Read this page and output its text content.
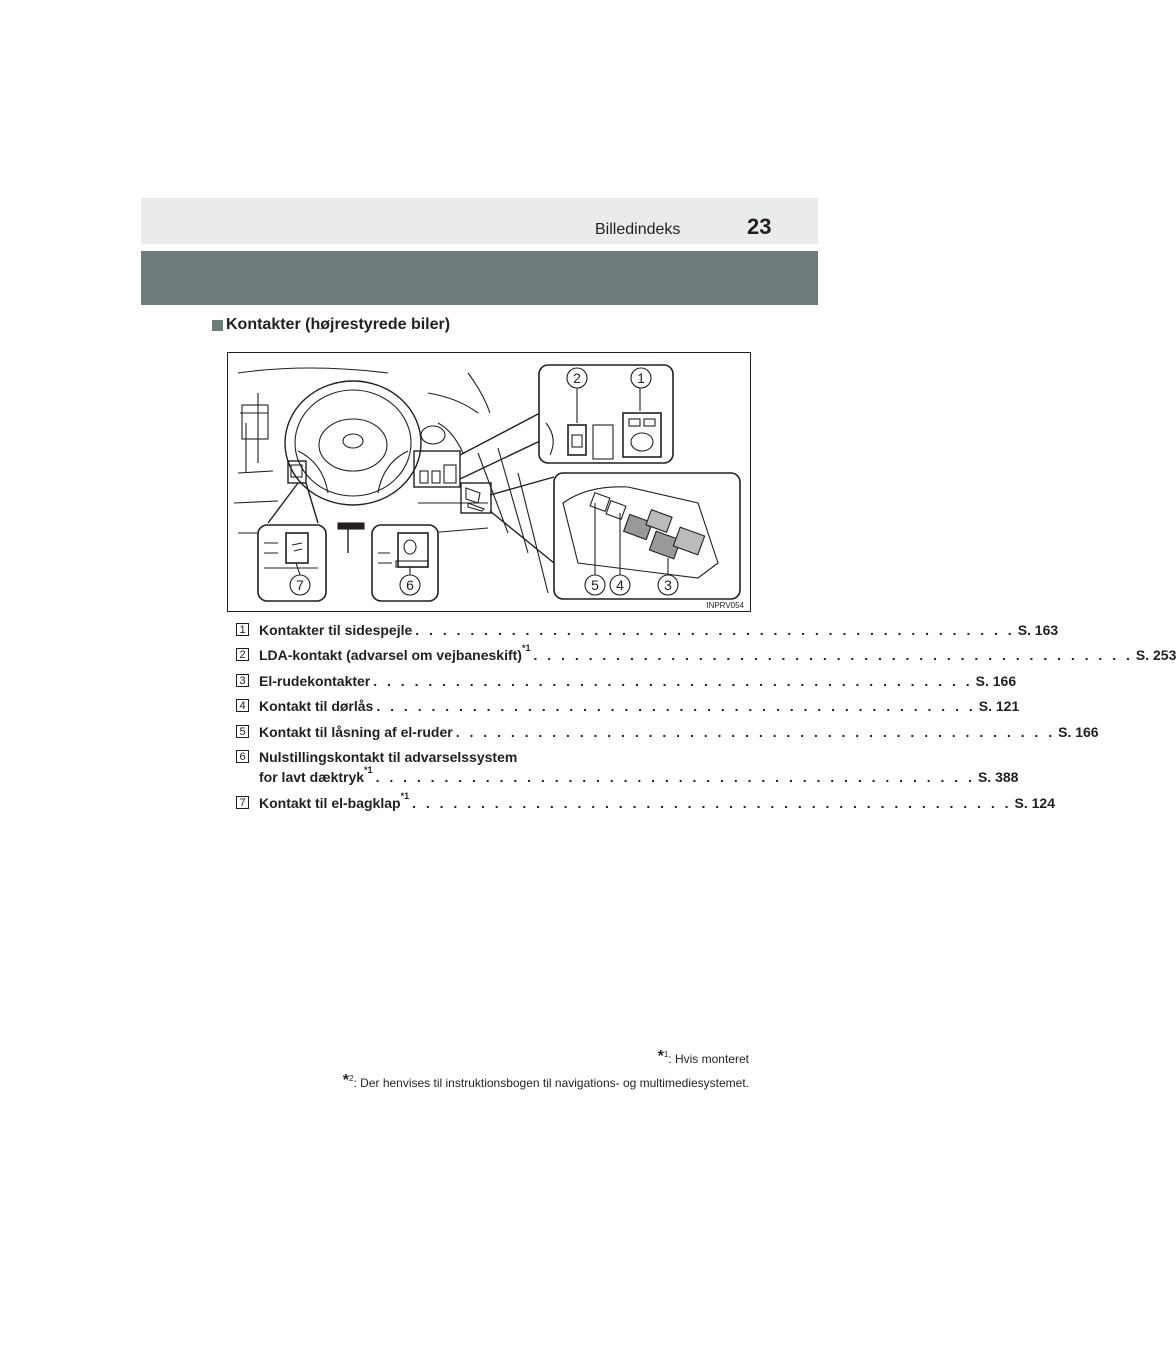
Billedindeks	23
Kontakter (højrestyrede biler)
2	1
5 4	3
7	6
INPRV054
1 Kontakter til sidespejle . . . . . . . . . . . . . . . . . . . . . . . . . . . . . . . . . . . . . . . . . . . . S. 163
2 LDA-kontakt (advarsel om vejbaneskift)$^{*1}$ . . . . . . . . . . . . . . . . . . . . . . . . . . . . . . . . . . . . . . . . . . . . S. 253
3 El-rudekontakter . . . . . . . . . . . . . . . . . . . . . . . . . . . . . . . . . . . . . . . . . . . . S. 166
4 Kontakt til dørlås . . . . . . . . . . . . . . . . . . . . . . . . . . . . . . . . . . . . . . . . . . . . S. 121
5 Kontakt til låsning af el-ruder . . . . . . . . . . . . . . . . . . . . . . . . . . . . . . . . . . . . . . . . . . . . S. 166
6 Nulstillingskontakt til advarselssystem
for lavt dæktryk$^{*1}$ . . . . . . . . . . . . . . . . . . . . . . . . . . . . . . . . . . . . . . . . . . . . S. 388
7 Kontakt til el-bagklap$^{*1}$ . . . . . . . . . . . . . . . . . . . . . . . . . . . . . . . . . . . . . . . . . . . . S. 124
$*_1$: Hvis monteret
$*_2$: Der henvises til instruktionsbogen til navigations- og multimediesystemet.
